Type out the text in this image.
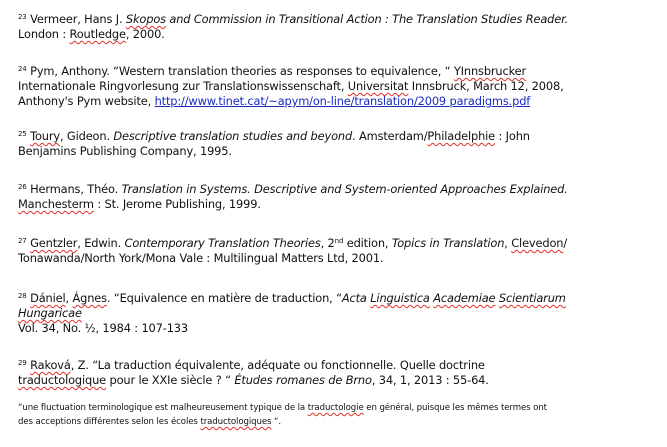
$^{23}$ Vermeer, Hans J. Skopos and Commission in Transitional Action : The Translation Studies Reader.
London : Routledge, 2000.
$^{24}$ Pym, Anthony. “Western translation theories as responses to equivalence, “ YInnsbrucker
Internationale Ringvorlesung zur Translationswissenschaft, Universitat Innsbruck, March 12, 2008,
Anthony's Pym website, http://www.tinet.cat/~apym/on-line/translation/2009 paradigms.pdf
$^{25}$ Toury, Gideon. Descriptive translation studies and beyond. Amsterdam/Philadelphie : John
Benjamins Publishing Company, 1995.
$^{26}$ Hermans, Théo. Translation in Systems. Descriptive and System-oriented Approaches Explained.
Manchesterm : St. Jerome Publishing, 1999.
$^{27}$ Gentzler, Edwin. Contemporary Translation Theories, 2nd edition, Topics in Translation, Clevedon/
Tonawanda/North York/Mona Vale : Multilingual Matters Ltd, 2001.
$^{28}$ Dániel, Ágnes. “Equivalence en matière de traduction, “Acta Linguistica Academiae Scientiarum
Hungaricae
Vol. 34, No. ½, 1984 : 107-133
$^{29}$ Raková, Z. “La traduction équivalente, adéquate ou fonctionnelle. Quelle doctrine
traductologique pour le XXIe siècle ? “ Études romanes de Brno, 34, 1, 2013 : 55-64.
“une fluctuation terminologique est malheureusement typique de la traductologie en général, puisque les mêmes termes ont
des acceptions différentes selon les écoles traductologiques “.
